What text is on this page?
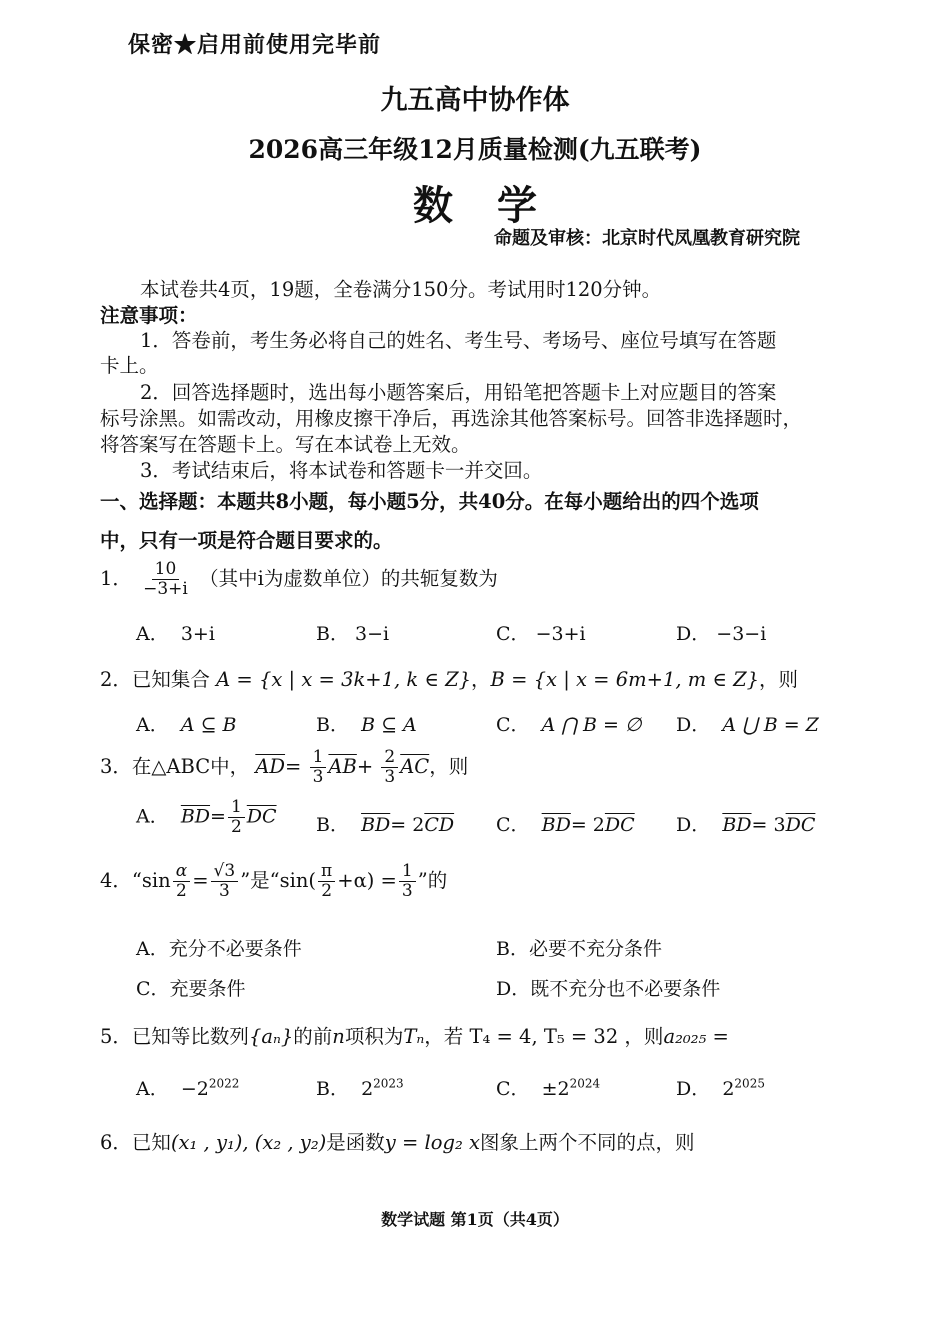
保密★启用前使用完毕前
九五高中协作体
2026高三年级12月质量检测(九五联考)
数学
命题及审核：北京时代凤凰教育研究院
本试卷共4页，19题，全卷满分150分。考试用时120分钟。
注意事项：
1．答卷前，考生务必将自己的姓名、考生号、考场号、座位号填写在答题
卡上。
2．回答选择题时，选出每小题答案后，用铅笔把答题卡上对应题目的答案
标号涂黑。如需改动，用橡皮擦干净后，再选涂其他答案标号。回答非选择题时，
将答案写在答题卡上。写在本试卷上无效。
3．考试结束后，将本试卷和答题卡一并交回。
一、选择题：本题共8小题，每小题5分，共40分。在每小题给出的四个选项
中，只有一项是符合题目要求的。
1． $\frac{10}{-3+i}$ （其中i为虚数单位）的共轭复数为
A． 3+i	B． 3−i	C． −3+i	D． −3−i
2．已知集合 A = {x | x = 3k+1, k ∈ Z}，B = {x | x = 6m+1, m ∈ Z}，则
A． A ⊆ B	B． B ⊆ A	C． A ⋂ B = ∅ D． A ⋃ B = Z
3．在△ABC中， $\overline{AD}= \frac{1}{3} \overline{AB}+ \frac{2}{3} \overline{AC}$，则
A． $\overline{BD}= \frac{1}{2} \overline{DC}$ B． $\overline{BD}= 2\overline{CD}$ C． $\overline{BD}= 2\overline{DC}$ D． $\overline{BD}= 3\overline{DC}$
4．“$\sin \frac{\alpha}{2} = \frac{√3}{3}$ ”是“$\sin( \frac{\pi}{2} +\alpha) = \frac{1}{3}$ ”的
A．充分不必要条件	B．必要不充分条件
C．充要条件	D．既不充分也不必要条件
5．已知等比数列{aₙ}的前n项积为Tₙ，若 T₄ = 4, T₅ = 32 ，则a₂₀₂₅ =
A． $-2^{2022}$	B． $2^{2023}$	C． $\pm 2^{2024}$	D． $2^{2025}$
6．已知(x₁ , y₁), (x₂ , y₂)是函数y = log₂ x图象上两个不同的点，则
数学试题 第1页（共4页）
